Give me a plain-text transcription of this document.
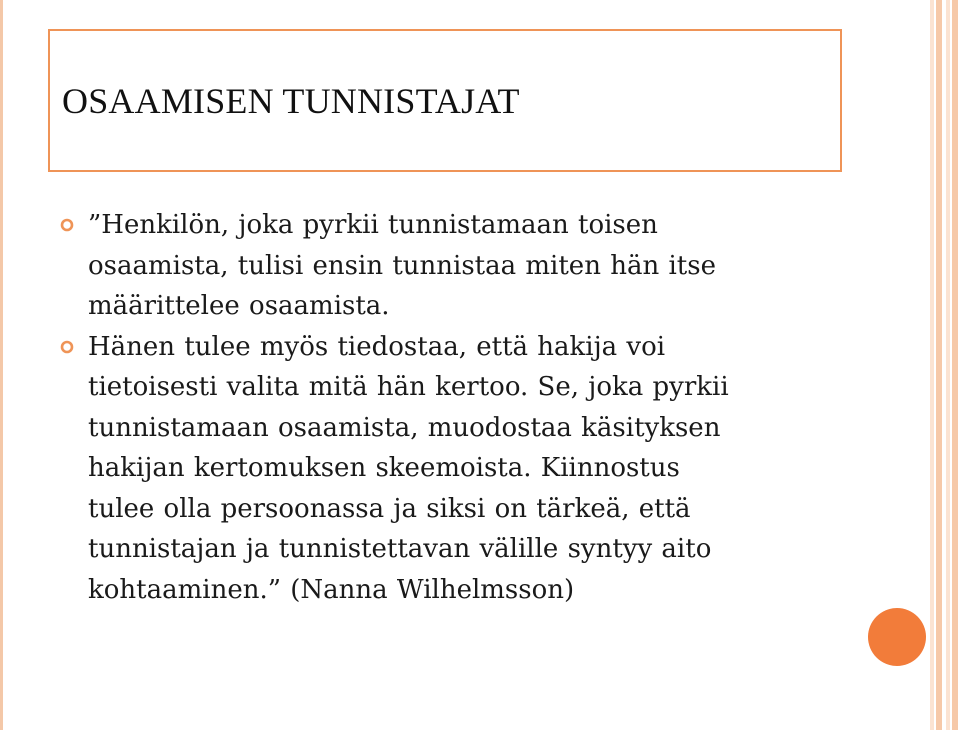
OSAAMISEN TUNNISTAJAT
”Henkilön, joka pyrkii tunnistamaan toisen
osaamista, tulisi ensin tunnistaa miten hän itse
määrittelee osaamista.
Hänen tulee myös tiedostaa, että hakija voi
tietoisesti valita mitä hän kertoo. Se, joka pyrkii
tunnistamaan osaamista, muodostaa käsityksen
hakijan kertomuksen skeemoista. Kiinnostus
tulee olla persoonassa ja siksi on tärkeä, että
tunnistajan ja tunnistettavan välille syntyy aito
kohtaaminen.” (Nanna Wilhelmsson)
